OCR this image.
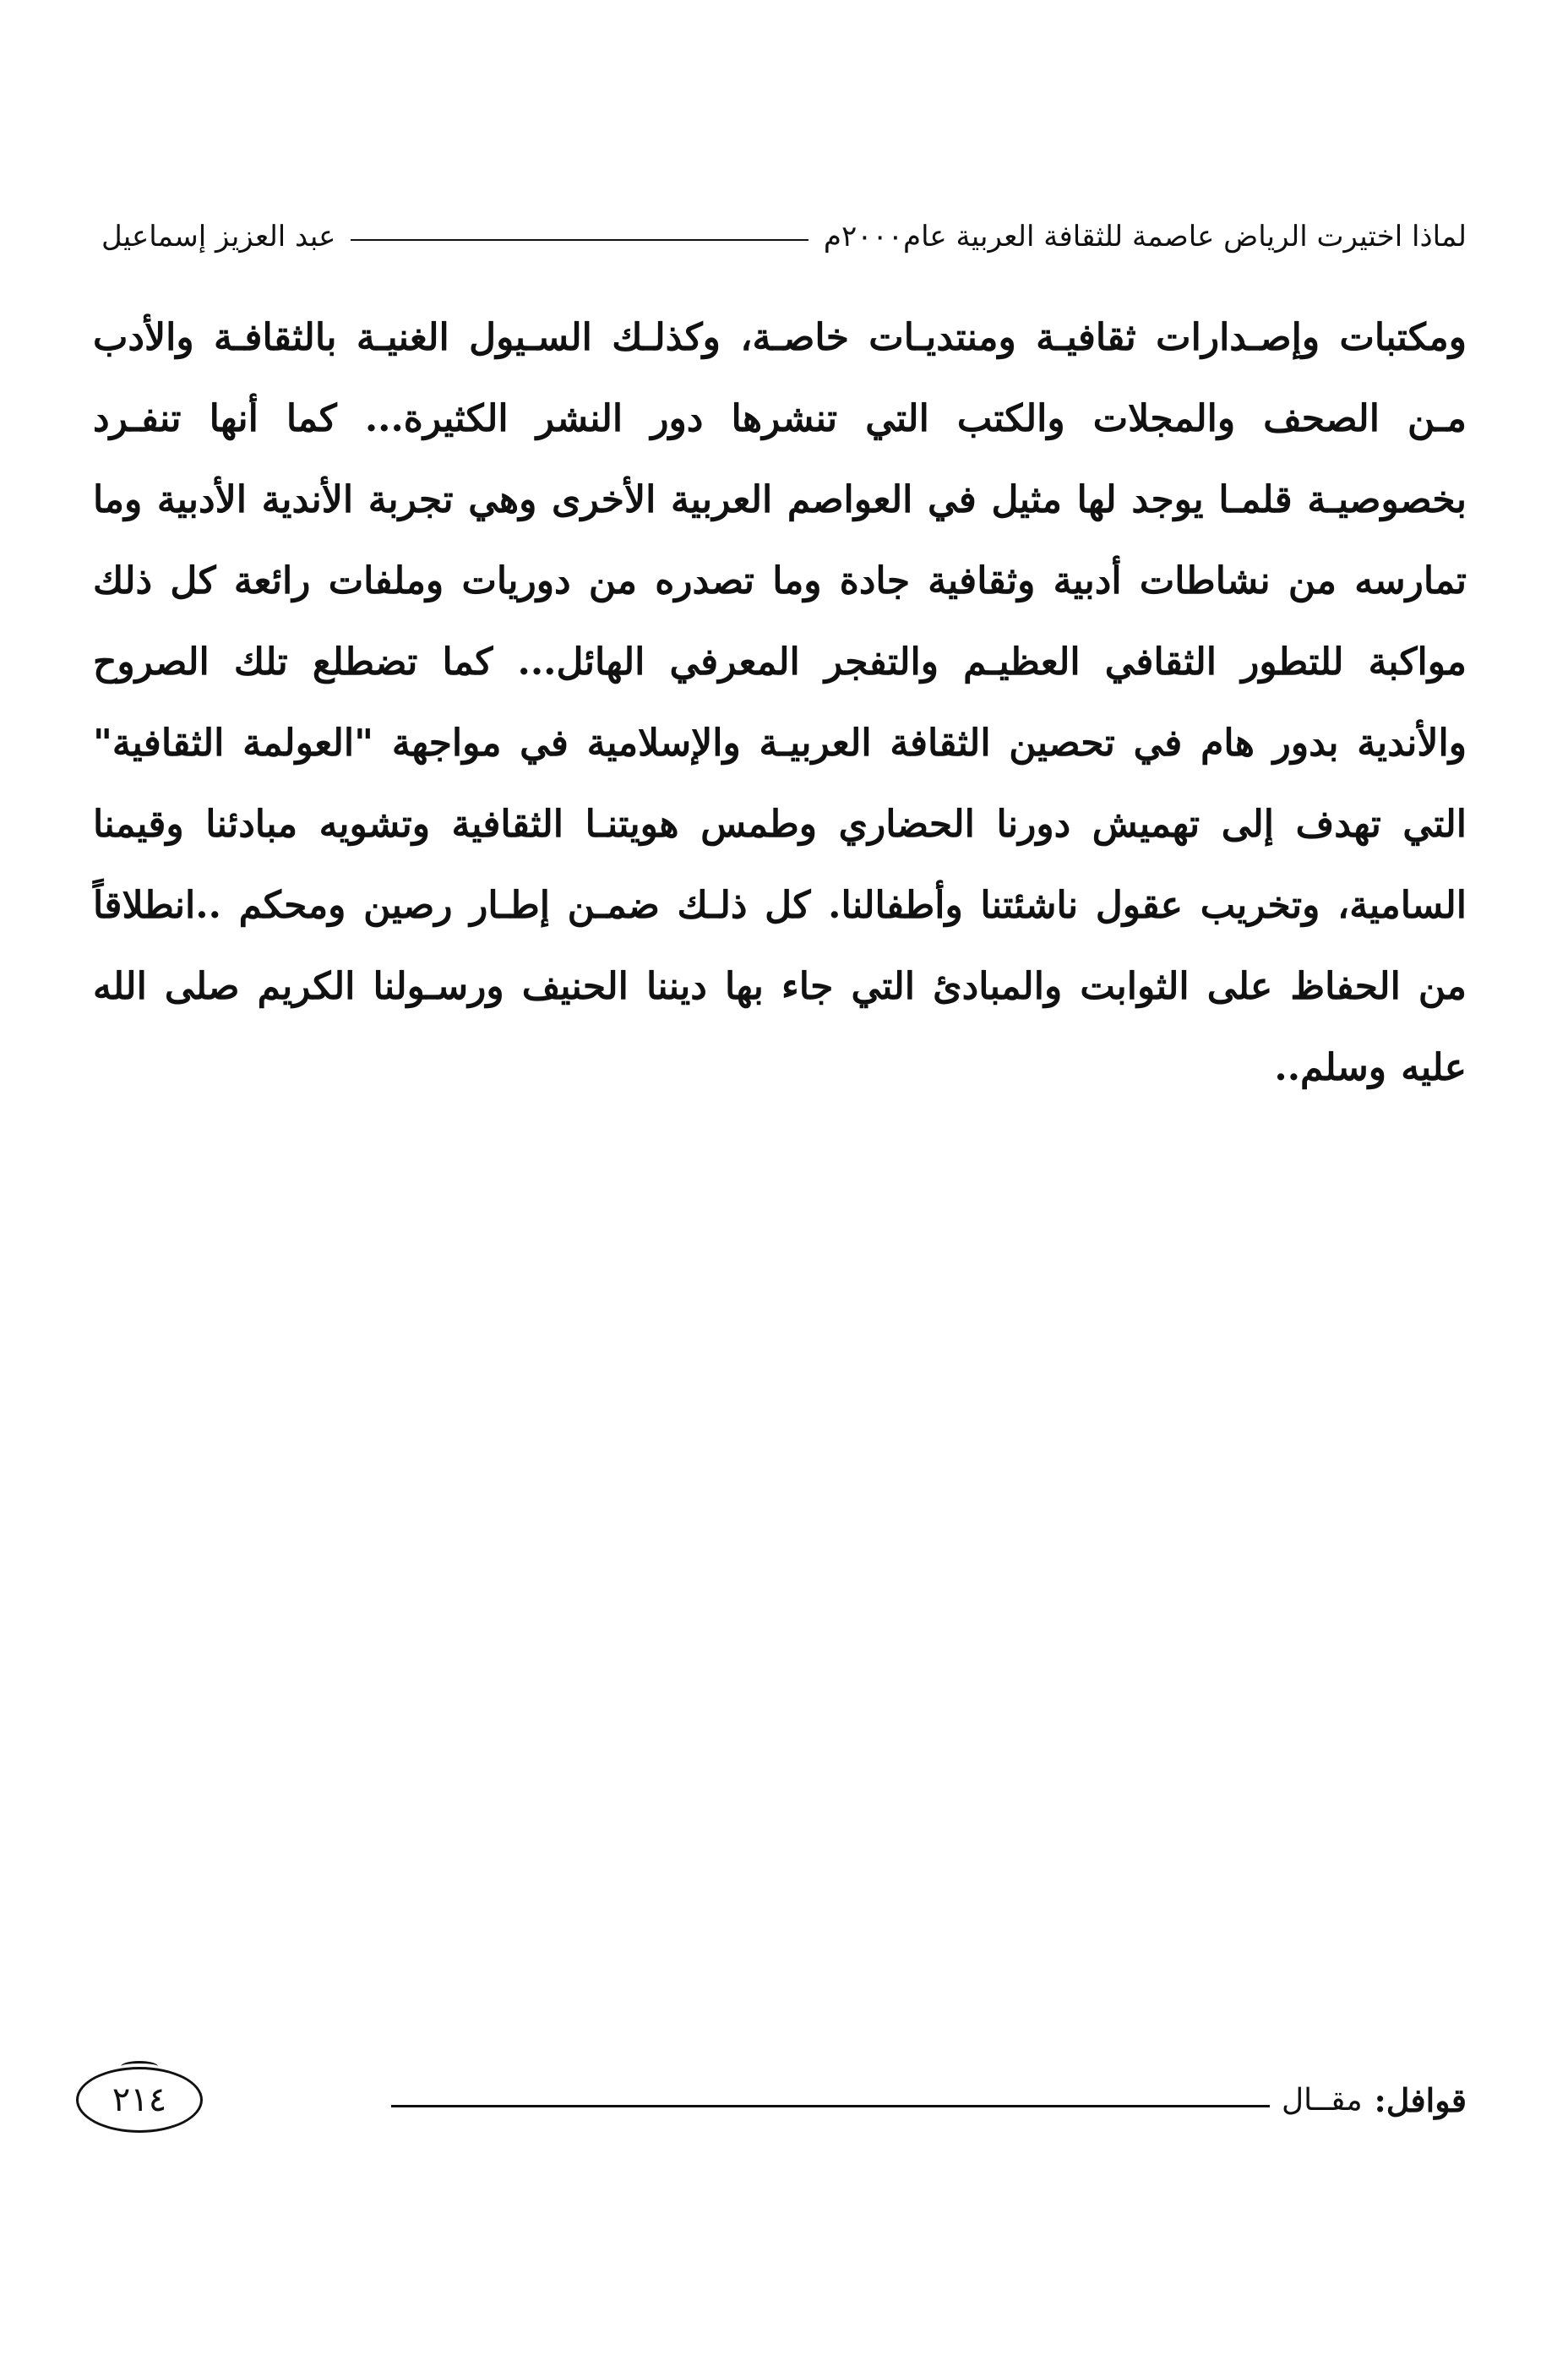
لماذا اختيرت الرياض عاصمة للثقافة العربية عام٢٠٠٠م
عبد العزيز إسماعيل
ومكتبات وإصـدارات ثقافيـة ومنتديـات خاصـة، وكذلـك السـيول الغنيـة بالثقافـة والأدب مـن الصحف والمجلات والكتب التي تنشرها دور النشر الكثيرة... كما أنها تنفـرد بخصوصيـة قلمـا يوجد لها مثيل في العواصم العربية الأخرى وهي تجربة الأندية الأدبية وما تمارسه من نشاطات أدبية وثقافية جادة وما تصدره من دوريات وملفات رائعة كل ذلك مواكبة للتطور الثقافي العظيـم والتفجر المعرفي الهائل... كما تضطلع تلك الصروح والأندية بدور هام في تحصين الثقافة العربيـة والإسلامية في مواجهة "العولمة الثقافية" التي تهدف إلى تهميش دورنا الحضاري وطمس هويتنـا الثقافية وتشويه مبادئنا وقيمنا السامية، وتخريب عقول ناشئتنا وأطفالنا. كل ذلـك ضمـن إطـار رصين ومحكم ..انطلاقاً من الحفاظ على الثوابت والمبادئ التي جاء بها ديننا الحنيف ورسـولنا الكريم صلى الله عليه وسلم..
قوافل:
مقــال
٢١٤
